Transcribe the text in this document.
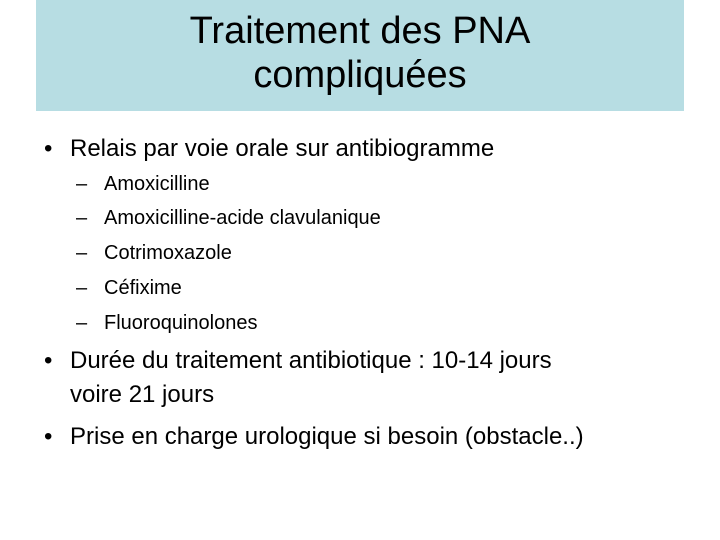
Traitement des PNA
compliquées
• Relais par voie orale sur antibiogramme
– Amoxicilline
– Amoxicilline-acide clavulanique
– Cotrimoxazole
– Céfixime
– Fluoroquinolones
• Durée du traitement antibiotique : 10-14 jours
voire 21 jours
• Prise en charge urologique si besoin (obstacle..)
